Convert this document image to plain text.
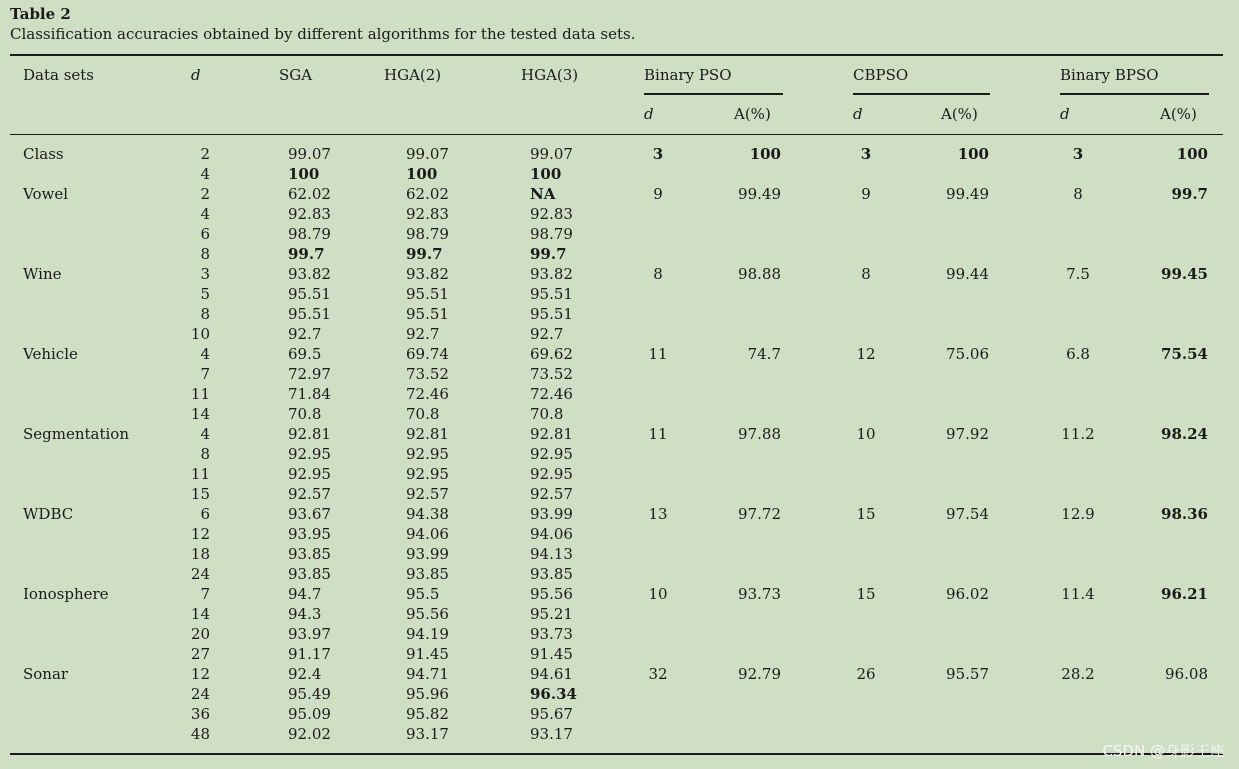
Table 2
Classification accuracies obtained by different algorithms for the tested data sets.
Data sets	d	SGA	HGA(2)	HGA(3)	Binary PSO	CBPSO	Binary BPSO
d	A(%)	d	A(%)	d	A(%)
Class	2	99.07	99.07	99.07	3	100	3	100	3	100
4	100	100	100
Vowel	2	62.02	62.02	NA	9	99.49	9	99.49	8	99.7
4	92.83	92.83	92.83
6	98.79	98.79	98.79
8	99.7	99.7	99.7
Wine	3	93.82	93.82	93.82	8	98.88	8	99.44	7.5	99.45
5	95.51	95.51	95.51
8	95.51	95.51	95.51
10	92.7	92.7	92.7
Vehicle	4	69.5	69.74	69.62	11	74.7	12	75.06	6.8	75.54
7	72.97	73.52	73.52
11	71.84	72.46	72.46
14	70.8	70.8	70.8
Segmentation	4	92.81	92.81	92.81	11	97.88	10	97.92	11.2	98.24
8	92.95	92.95	92.95
11	92.95	92.95	92.95
15	92.57	92.57	92.57
WDBC	6	93.67	94.38	93.99	13	97.72	15	97.54	12.9	98.36
12	93.95	94.06	94.06
18	93.85	93.99	94.13
24	93.85	93.85	93.85
Ionosphere	7	94.7	95.5	95.56	10	93.73	15	96.02	11.4	96.21
14	94.3	95.56	95.21
20	93.97	94.19	93.73
27	91.17	91.45	91.45
Sonar	12	92.4	94.71	94.61	32	92.79	26	95.57	28.2	96.08
24	95.49	95.96	96.34
36	95.09	95.82	95.67
48	92.02	93.17	93.17
CSDN @身影王座
